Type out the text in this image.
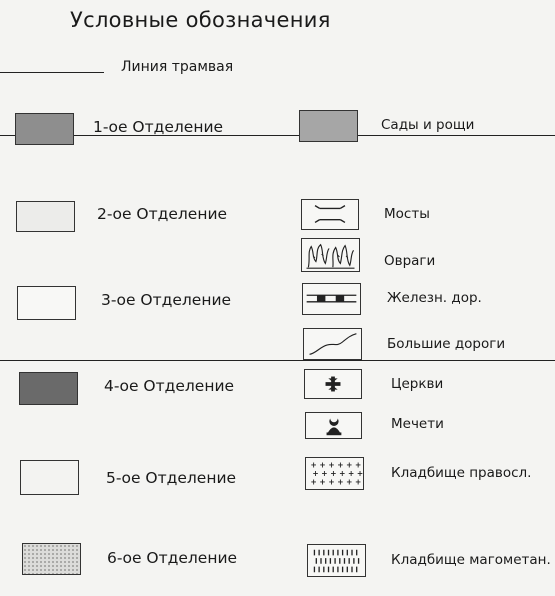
Условные обозначения
Линия трамвая
1-ое Отделение
2-ое Отделение
3-ое Отделение
4-ое Отделение
5-ое Отделение
6-ое Отделение
Сады и рощи
Мосты
Овраги
Железн. дор.
Большие дороги
Церкви
Мечети
+ + + + + +
+ + + + + +
+ + + + + +
Кладбище правосл.
Кладбище магометан.
